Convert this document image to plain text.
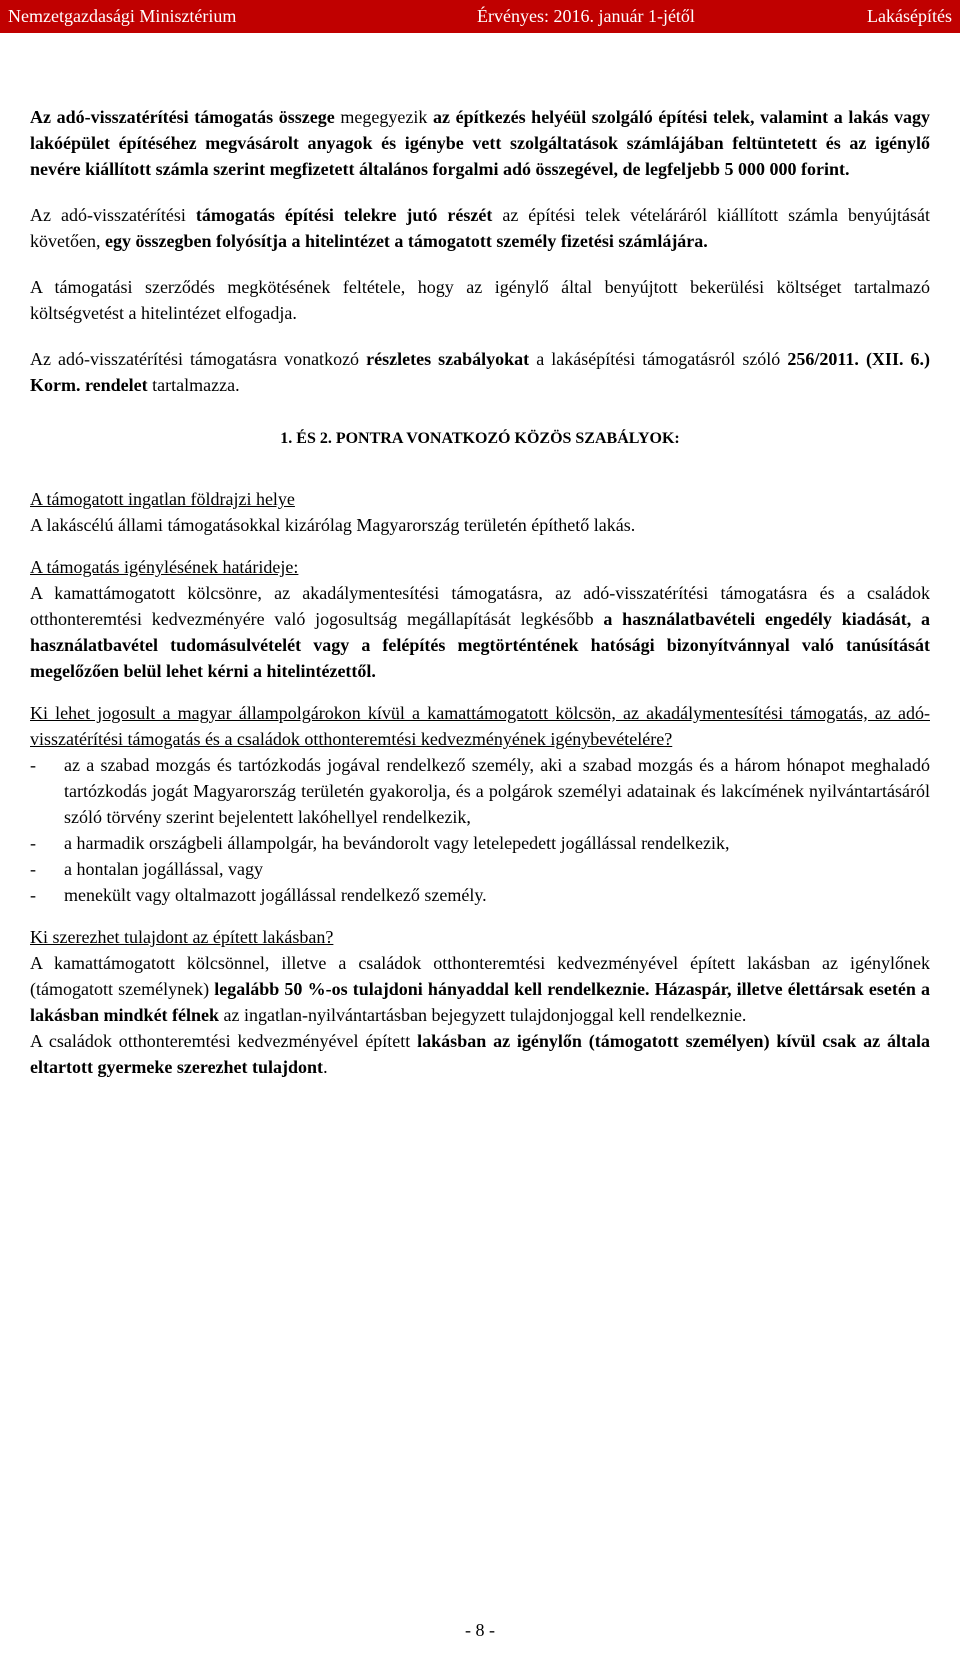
Nemzetgazdasági Minisztérium	Érvényes: 2016. január 1-jétől	Lakásépítés

Az adó-visszatérítési támogatás összege megegyezik az építkezés helyéül szolgáló építési telek, valamint a lakás vagy lakóépület építéséhez megvásárolt anyagok és igénybe vett szolgáltatások számlájában feltüntetett és az igénylő nevére kiállított számla szerint megfizetett általános forgalmi adó összegével, de legfeljebb 5 000 000 forint.

Az adó-visszatérítési támogatás építési telekre jutó részét az építési telek vételáráról kiállított számla benyújtását követően, egy összegben folyósítja a hitelintézet a támogatott személy fizetési számlájára.

A támogatási szerződés megkötésének feltétele, hogy az igénylő által benyújtott bekerülési költséget tartalmazó költségvetést a hitelintézet elfogadja.

Az adó-visszatérítési támogatásra vonatkozó részletes szabályokat a lakásépítési támogatásról szóló 256/2011. (XII. 6.) Korm. rendelet tartalmazza.

1. ÉS 2. PONTRA VONATKOZÓ KÖZÖS SZABÁLYOK:

A támogatott ingatlan földrajzi helye

A lakáscélú állami támogatásokkal kizárólag Magyarország területén építhető lakás.

A támogatás igénylésének határideje:

A kamattámogatott kölcsönre, az akadálymentesítési támogatásra, az adó-visszatérítési támogatásra és a családok otthonteremtési kedvezményére való jogosultság megállapítását legkésőbb a használatbavételi engedély kiadását, a használatbavétel tudomásulvételét vagy a felépítés megtörténtének hatósági bizonyítvánnyal való tanúsítását megelőzően belül lehet kérni a hitelintézettől.

Ki lehet jogosult a magyar állampolgárokon kívül a kamattámogatott kölcsön, az akadálymentesítési támogatás, az adó-visszatérítési támogatás és a családok otthonteremtési kedvezményének igénybevételére?

- az a szabad mozgás és tartózkodás jogával rendelkező személy, aki a szabad mozgás és a három hónapot meghaladó tartózkodás jogát Magyarország területén gyakorolja, és a polgárok személyi adatainak és lakcímének nyilvántartásáról szóló törvény szerint bejelentett lakóhellyel rendelkezik,
- a harmadik országbeli állampolgár, ha bevándorolt vagy letelepedett jogállással rendelkezik,
- a hontalan jogállással, vagy
- menekült vagy oltalmazott jogállással rendelkező személy.

Ki szerezhet tulajdont az épített lakásban?

A kamattámogatott kölcsönnel, illetve a családok otthonteremtési kedvezményével épített lakásban az igénylőnek (támogatott személynek) legalább 50 %-os tulajdoni hányaddal kell rendelkeznie. Házaspár, illetve élettársak esetén a lakásban mindkét félnek az ingatlan-nyilvántartásban bejegyzett tulajdonjoggal kell rendelkeznie.

A családok otthonteremtési kedvezményével épített lakásban az igénylőn (támogatott személyen) kívül csak az általa eltartott gyermeke szerezhet tulajdont.

- 8 -
